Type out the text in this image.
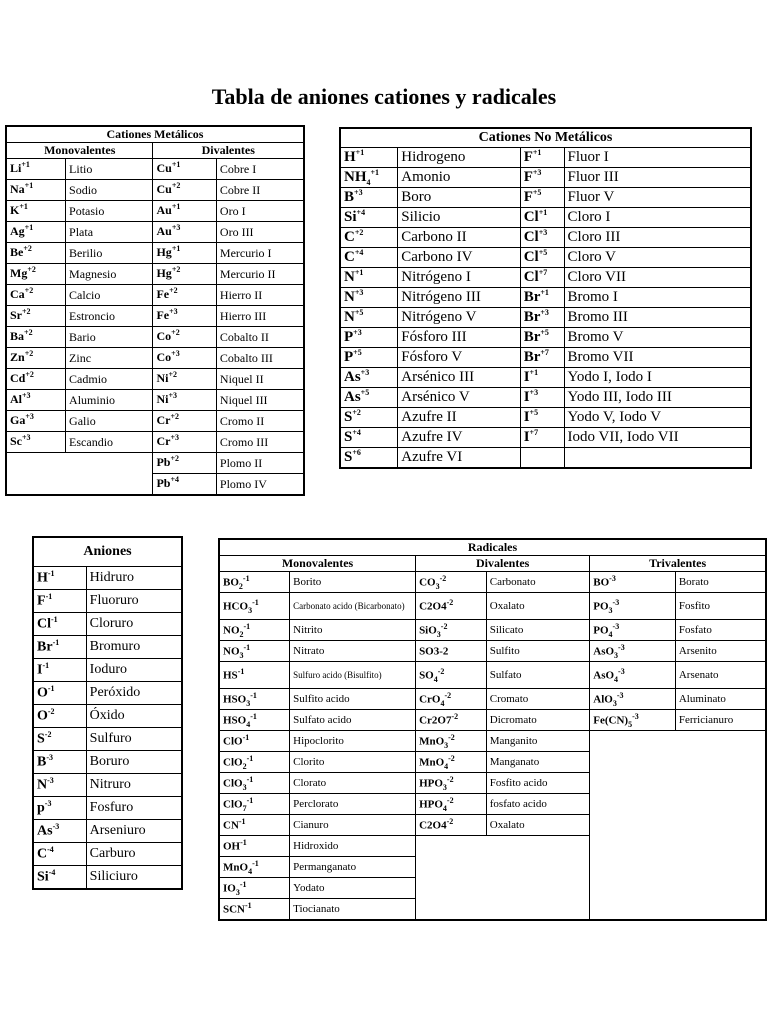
Tabla de aniones cationes y radicales
Cationes Metálicos			
Monovalentes		Divalentes	
$Li^{+1}$	Litio	$Cu^{+1}$	Cobre I
$Na^{+1}$	Sodio	$Cu^{+2}$	Cobre II
$K^{+1}$	Potasio	$Au^{+1}$	Oro I
$Ag^{+1}$	Plata	$Au^{+3}$	Oro III
$Be^{+2}$	Berilio	$Hg^{+1}$	Mercurio I
$Mg^{+2}$	Magnesio	$Hg^{+2}$	Mercurio II
$Ca^{+2}$	Calcio	$Fe^{+2}$	Hierro II
$Sr^{+2}$	Estroncio	$Fe^{+3}$	Hierro III
$Ba^{+2}$	Bario	$Co^{+2}$	Cobalto II
$Zn^{+2}$	Zinc	$Co^{+3}$	Cobalto III
$Cd^{+2}$	Cadmio	$Ni^{+2}$	Niquel II
$Al^{+3}$	Aluminio	$Ni^{+3}$	Niquel III
$Ga^{+3}$	Galio	$Cr^{+2}$	Cromo II
$Sc^{+3}$	Escandio	$Cr^{+3}$	Cromo III
		$Pb^{+2}$	Plomo II
		$Pb^{+4}$	Plomo IV
Cationes No Metálicos			
$H^{+1}$	Hidrogeno	$F^{+1}$	Fluor I
$NH_4^{+1}$	Amonio	$F^{+3}$	Fluor III
$B^{+3}$	Boro	$F^{+5}$	Fluor V
$Si^{+4}$	Silicio	$Cl^{+1}$	Cloro I
$C^{+2}$	Carbono II	$Cl^{+3}$	Cloro III
$C^{+4}$	Carbono IV	$Cl^{+5}$	Cloro V
$N^{+1}$	Nitrógeno I	$Cl^{+7}$	Cloro VII
$N^{+3}$	Nitrógeno III	$Br^{+1}$	Bromo I
$N^{+5}$	Nitrógeno V	$Br^{+3}$	Bromo III
$P^{+3}$	Fósforo III	$Br^{+5}$	Bromo V
$P^{+5}$	Fósforo V	$Br^{+7}$	Bromo VII
$As^{+3}$	Arsénico III	$I^{+1}$	Yodo I, Iodo I
$As^{+5}$	Arsénico V	$I^{+3}$	Yodo III, Iodo III
$S^{+2}$	Azufre II	$I^{+5}$	Yodo V, Iodo V
$S^{+4}$	Azufre IV	$I^{+7}$	Iodo VII, Iodo VII
$S^{+6}$	Azufre VI		
Aniones	
$H^{-1}$	Hidruro
$F^{-1}$	Fluoruro
$Cl^{-1}$	Cloruro
$Br^{-1}$	Bromuro
$I^{-1}$	Ioduro
$O^{-1}$	Peróxido
$O^{-2}$	Óxido
$S^{-2}$	Sulfuro
$B^{-3}$	Boruro
$N^{-3}$	Nitruro
$p^{-3}$	Fosfuro
$As^{-3}$	Arseniuro
$C^{-4}$	Carburo
$Si^{-4}$	Siliciuro
Radicales					
Monovalentes		Divalentes		Trivalentes	
$BO_2^{-1}$	Borito	$CO_3^{-2}$	Carbonato	$BO^{-3}$	Borato
$HCO_3^{-1}$	Carbonato acido (Bicarbonato)	$C2O4^{-2}$	Oxalato	$PO_3^{-3}$	Fosfito
$NO_2^{-1}$	Nitrito	SiO$_3^{-2}$	Silicato	$PO_4^{-3}$	Fosfato
$NO_3^{-1}$	Nitrato	SO3-2	Sulfito	AsO$_3^{-3}$	Arsenito
$HS^{-1}$	Sulfuro acido (Bisulfito)	$SO_4^{-2}$	Sulfato	AsO$_4^{-3}$	Arsenato
$HSO_3^{-1}$	Sulfito acido	CrO$_4^{-2}$	Cromato	AlO$_3^{-3}$	Aluminato
$HSO_4^{-1}$	Sulfato acido	$Cr2O7^{-2}$	Dicromato	$Fe(CN)_5^{-3}$	Ferricianuro
ClO$^{-1}$	Hipoclorito	MnO$_3^{-2}$	Manganito		
ClO$_2^{-1}$	Clorito	MnO$_4^{-2}$	Manganato		
ClO$_3^{-1}$	Clorato	$HPO_3^{-2}$	Fosfito acido		
ClO$_7^{-1}$	Perclorato	$HPO_4^{-2}$	fosfato acido		
$CN^{-1}$	Cianuro	$C2O4^{-2}$	Oxalato		
$OH^{-1}$	Hidroxido				
MnO$_4^{-1}$	Permanganato				
$IO_3^{-1}$	Yodato				
$SCN^{-1}$	Tiocianato				
